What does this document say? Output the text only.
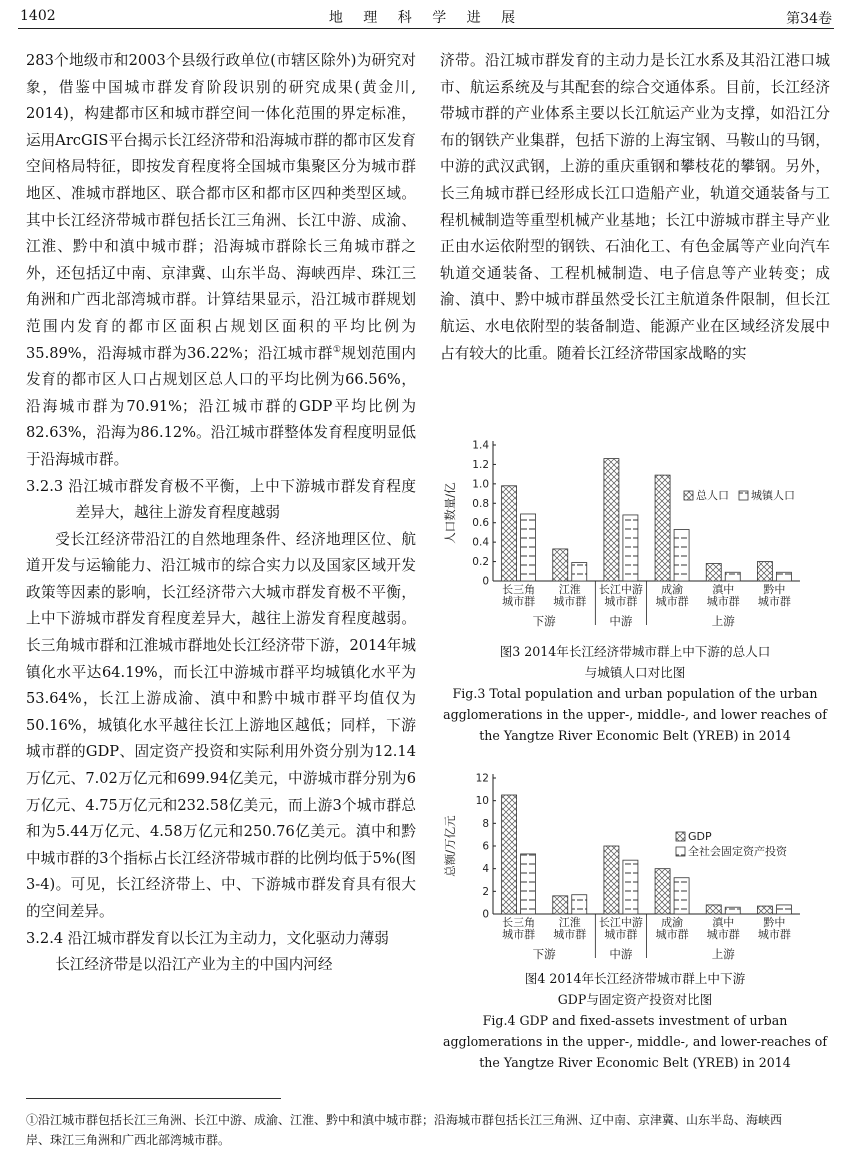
1402	地 理 科 学 进 展	第34卷

283个地级市和2003个县级行政单位(市辖区除外)为研究对象，借鉴中国城市群发育阶段识别的研究成果(黄金川, 2014)，构建都市区和城市群空间一体化范围的界定标准，运用ArcGIS平台揭示长江经济带和沿海城市群的都市区发育空间格局特征，即按发育程度将全国城市集聚区分为城市群地区、准城市群地区、联合都市区和都市区四种类型区域。其中长江经济带城市群包括长江三角洲、长江中游、成渝、江淮、黔中和滇中城市群；沿海城市群除长三角城市群之外，还包括辽中南、京津冀、山东半岛、海峡西岸、珠江三角洲和广西北部湾城市群。计算结果显示，沿江城市群规划范围内发育的都市区面积占规划区面积的平均比例为35.89%，沿海城市群为36.22%；沿江城市群①规划范围内发育的都市区人口占规划区总人口的平均比例为66.56%，沿海城市群为70.91%；沿江城市群的GDP平均比例为82.63%，沿海为86.12%。沿江城市群整体发育程度明显低于沿海城市群。

3.2.3 沿江城市群发育极不平衡，上中下游城市群发育程度差异大，越往上游发育程度越弱

受长江经济带沿江的自然地理条件、经济地理区位、航道开发与运输能力、沿江城市的综合实力以及国家区域开发政策等因素的影响，长江经济带六大城市群发育极不平衡，上中下游城市群发育程度差异大，越往上游发育程度越弱。长三角城市群和江淮城市群地处长江经济带下游，2014年城镇化水平达64.19%，而长江中游城市群平均城镇化水平为53.64%，长江上游成渝、滇中和黔中城市群平均值仅为50.16%，城镇化水平越往长江上游地区越低；同样，下游城市群的GDP、固定资产投资和实际利用外资分别为12.14万亿元、7.02万亿元和699.94亿美元，中游城市群分别为6万亿元、4.75万亿元和232.58亿美元，而上游3个城市群总和为5.44万亿元、4.58万亿元和250.76亿美元。滇中和黔中城市群的3个指标占长江经济带城市群的比例均低于5%(图3-4)。可见，长江经济带上、中、下游城市群发育具有很大的空间差异。

3.2.4 沿江城市群发育以长江为主动力，文化驱动力薄弱

长江经济带是以沿江产业为主的中国内河经

济带。沿江城市群发育的主动力是长江水系及其沿江港口城市、航运系统及与其配套的综合交通体系。目前，长江经济带城市群的产业体系主要以长江航运产业为支撑，如沿江分布的钢铁产业集群，包括下游的上海宝钢、马鞍山的马钢，中游的武汉武钢，上游的重庆重钢和攀枝花的攀钢。另外，长三角城市群已经形成长江口造船产业，轨道交通装备与工程机械制造等重型机械产业基地；长江中游城市群主导产业正由水运依附型的钢铁、石油化工、有色金属等产业向汽车轨道交通装备、工程机械制造、电子信息等产业转变；成渝、滇中、黔中城市群虽然受长江主航道条件限制，但长江航运、水电依附型的装备制造、能源产业在区域经济发展中占有较大的比重。随着长江经济带国家战略的实

0
0.2
0.4
0.6
0.8
1.0
1.2
1.4
人口数量/亿
长三角
城市群
江淮
城市群
长江中游
城市群
成渝
城市群
滇中
城市群
黔中
城市群
下游	中游	上游
总人口 城镇人口
图3 2014年长江经济带城市群上中下游的总人口
与城镇人口对比图
Fig.3 Total population and urban population of the urban
agglomerations in the upper-, middle-, and lower reaches of
the Yangtze River Economic Belt (YREB) in 2014
0
2
4
6
8
10
12
总额/万亿元
长三角
城市群
江淮
城市群
长江中游
城市群
成渝
城市群
滇中
城市群
黔中
城市群
下游	中游	上游
GDP
全社会固定资产投资
图4 2014年长江经济带城市群上中下游
GDP与固定资产投资对比图
Fig.4 GDP and fixed-assets investment of urban
agglomerations in the upper-, middle-, and lower-reaches of
the Yangtze River Economic Belt (YREB) in 2014
①沿江城市群包括长江三角洲、长江中游、成渝、江淮、黔中和滇中城市群；沿海城市群包括长江三角洲、辽中南、京津冀、山东半岛、海峡西
岸、珠江三角洲和广西北部湾城市群。
